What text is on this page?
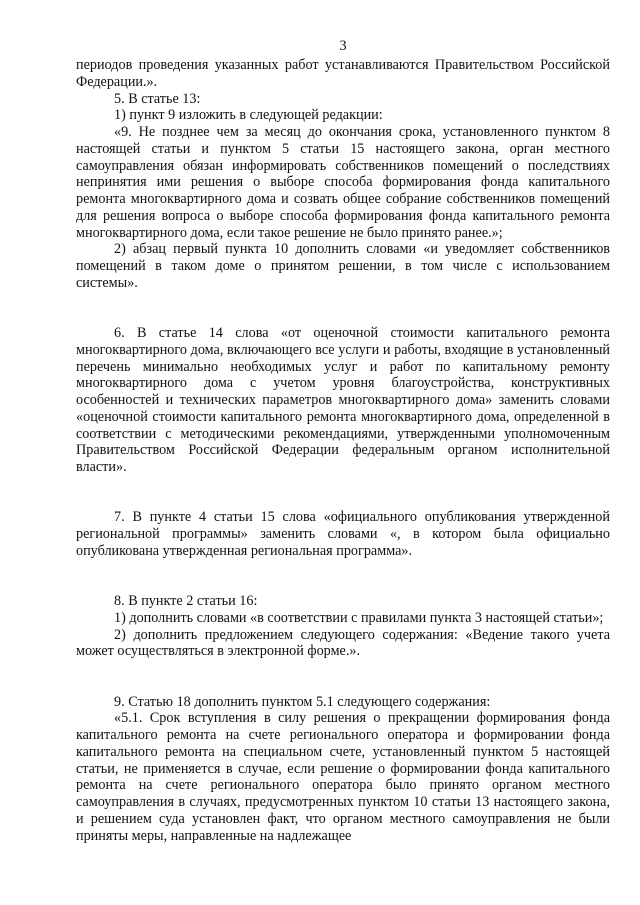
3

периодов проведения указанных работ устанавливаются Правительством Российской Федерации.».

5. В статье 13:

1) пункт 9 изложить в следующей редакции:

«9. Не позднее чем за месяц до окончания срока, установленного пунктом 8 настоящей статьи и пунктом 5 статьи 15 настоящего закона, орган местного самоуправления обязан информировать собственников помещений о последствиях непринятия ими решения о выборе способа формирования фонда капитального ремонта многоквартирного дома и созвать общее собрание собственников помещений для решения вопроса о выборе способа формирования фонда капитального ремонта многоквартирного дома, если такое решение не было принято ранее.»;

2) абзац первый пункта 10 дополнить словами «и уведомляет собственников помещений в таком доме о принятом решении, в том числе с использованием системы».

6. В статье 14 слова «от оценочной стоимости капитального ремонта многоквартирного дома, включающего все услуги и работы, входящие в установленный перечень минимально необходимых услуг и работ по капитальному ремонту многоквартирного дома с учетом уровня благоустройства, конструктивных особенностей и технических параметров многоквартирного дома» заменить словами «оценочной стоимости капитального ремонта многоквартирного дома, определенной в соответствии с методическими рекомендациями, утвержденными уполномоченным Правительством Российской Федерации федеральным органом исполнительной власти».

7. В пункте 4 статьи 15 слова «официального опубликования утвержденной региональной программы» заменить словами «, в котором была официально опубликована утвержденная региональная программа».

8. В пункте 2 статьи 16:

1) дополнить словами «в соответствии с правилами пункта 3 настоящей статьи»;

2) дополнить предложением следующего содержания: «Ведение такого учета может осуществляться в электронной форме.».

9. Статью 18 дополнить пунктом 5.1 следующего содержания:

«5.1. Срок вступления в силу решения о прекращении формирования фонда капитального ремонта на счете регионального оператора и формировании фонда капитального ремонта на специальном счете, установленный пунктом 5 настоящей статьи, не применяется в случае, если решение о формировании фонда капитального ремонта на счете регионального оператора было принято органом местного самоуправления в случаях, предусмотренных пунктом 10 статьи 13 настоящего закона, и решением суда установлен факт, что органом местного самоуправления не были приняты меры, направленные на надлежащее
